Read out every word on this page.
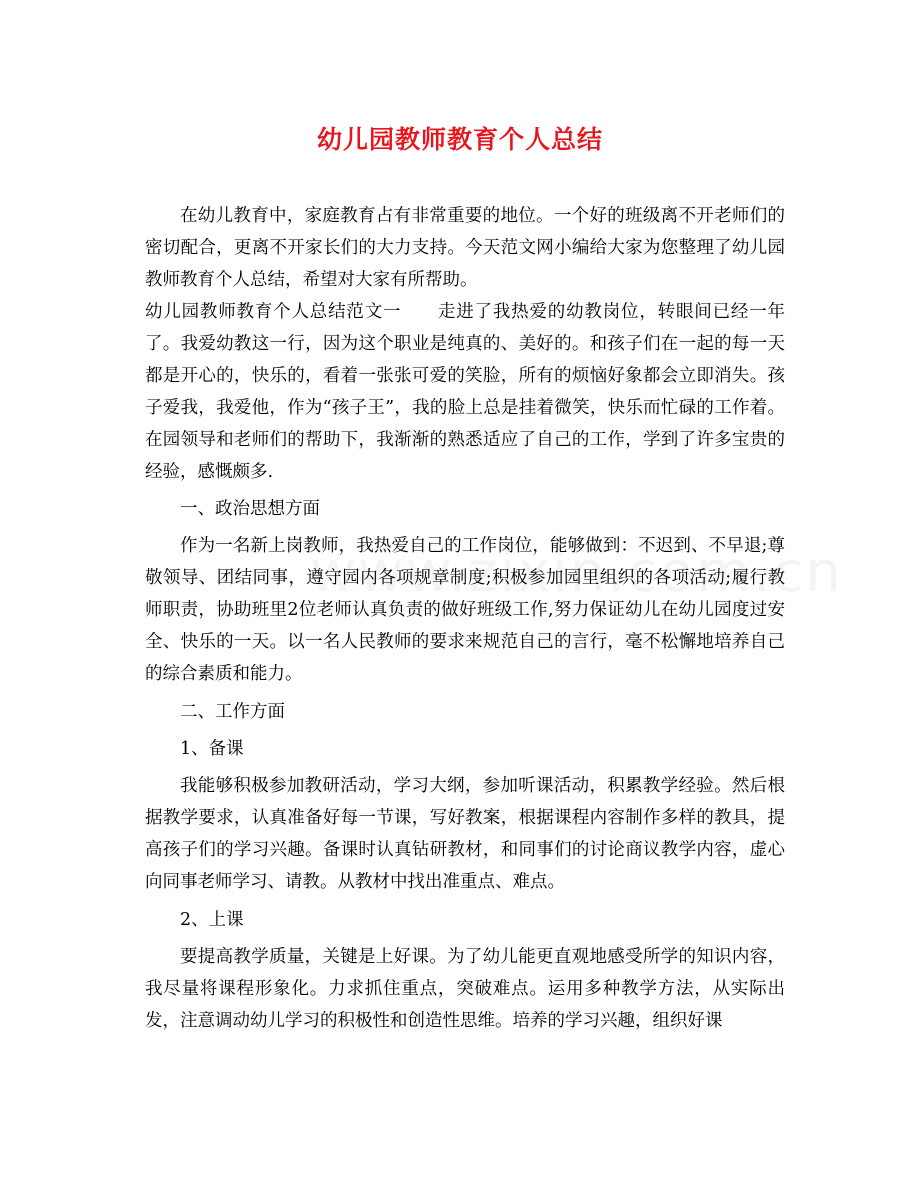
幼儿园教师教育个人总结

在幼儿教育中，家庭教育占有非常重要的地位。一个好的班级离不开老师们的密切配合，更离不开家长们的大力支持。今天范文网小编给大家为您整理了幼儿园教师教育个人总结，希望对大家有所帮助。

幼儿园教师教育个人总结范文一　　走进了我热爱的幼教岗位，转眼间已经一年了。我爱幼教这一行，因为这个职业是纯真的、美好的。和孩子们在一起的每一天都是开心的，快乐的，看着一张张可爱的笑脸，所有的烦恼好象都会立即消失。孩子爱我，我爱他，作为“孩子王”，我的脸上总是挂着微笑，快乐而忙碌的工作着。在园领导和老师们的帮助下，我渐渐的熟悉适应了自己的工作，学到了许多宝贵的经验，感慨颇多.

一、政治思想方面

作为一名新上岗教师，我热爱自己的工作岗位，能够做到：不迟到、不早退;尊敬领导、团结同事，遵守园内各项规章制度;积极参加园里组织的各项活动;履行教师职责，协助班里2位老师认真负责的做好班级工作,努力保证幼儿在幼儿园度过安全、快乐的一天。以一名人民教师的要求来规范自己的言行，毫不松懈地培养自己的综合素质和能力。

二、工作方面

1、备课

我能够积极参加教研活动，学习大纲，参加听课活动，积累教学经验。然后根据教学要求，认真准备好每一节课，写好教案，根据课程内容制作多样的教具，提高孩子们的学习兴趣。备课时认真钻研教材，和同事们的讨论商议教学内容，虚心向同事老师学习、请教。从教材中找出准重点、难点。

2、上课

要提高教学质量，关键是上好课。为了幼儿能更直观地感受所学的知识内容，我尽量将课程形象化。力求抓住重点，突破难点。运用多种教学方法，从实际出发，注意调动幼儿学习的积极性和创造性思维。培养的学习兴趣，组织好课
